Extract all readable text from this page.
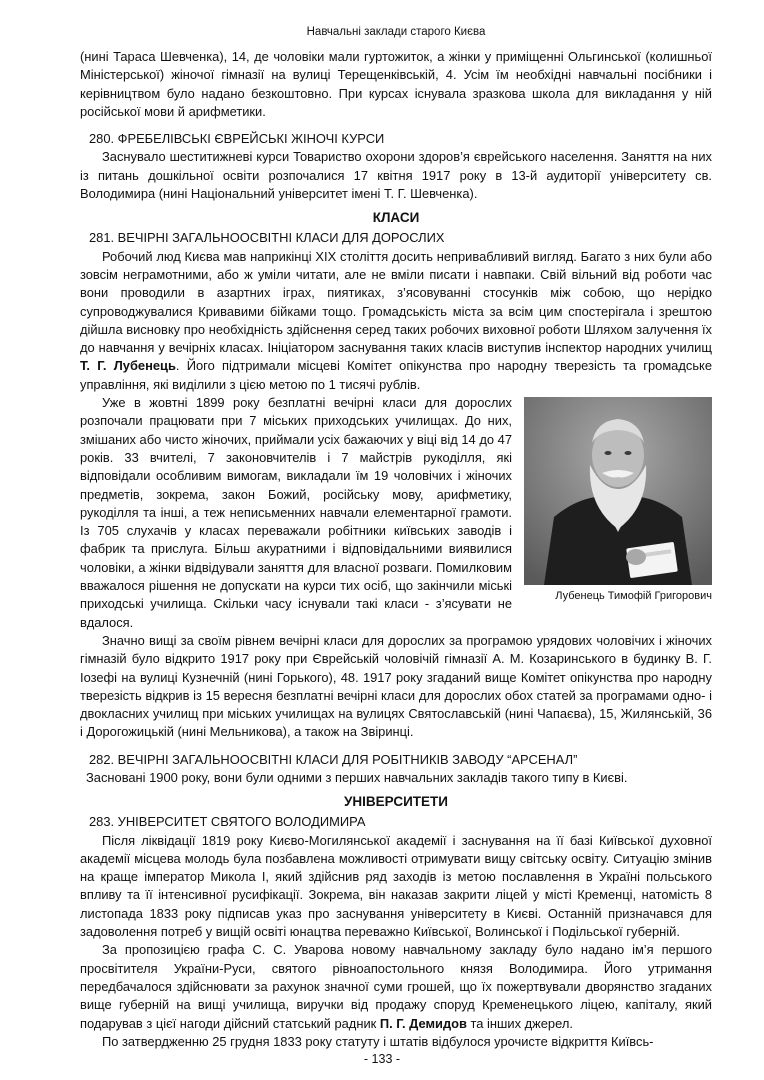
Навчальні заклади старого Києва

(нині Тараса Шевченка), 14, де чоловіки мали гуртожиток, а жінки у приміщенні Ольгинської (колишньої Міністерської) жіночої гімназії на вулиці Терещенківській, 4. Усім їм необхідні навчальні посібники і керівництвом було надано безкоштовно. При курсах існувала зразкова школа для викладання у ній російської мови й арифметики.

280. ФРЕБЕЛІВСЬКІ ЄВРЕЙСЬКІ ЖІНОЧІ КУРСИ

Заснувало шеститижневі курси Товариство охорони здоров’я єврейського населення. Заняття на них із питань дошкільної освіти розпочалися 17 квітня 1917 року в 13-й аудиторії університету св. Володимира (нині Національний університет імені Т. Г. Шевченка).

КЛАСИ
281. ВЕЧІРНІ ЗАГАЛЬНООСВІТНІ КЛАСИ ДЛЯ ДОРОСЛИХ

Робочий люд Києва мав наприкінці XIX століття досить непривабливий вигляд. Багато з них були або зовсім неграмотними, або ж уміли читати, але не вміли писати і навпаки. Свій вільний від роботи час вони проводили в азартних іграх, пиятиках, з’ясовуванні стосунків між собою, що нерідко супроводжувалися Кривавими бійками тощо. Громадськість міста за всім цим спостерігала і зрештою дійшла висновку про необхідність здійснення серед таких робочих виховної роботи Шляхом залучення їх до навчання у вечірніх класах. Ініціатором заснування таких класів виступив інспектор народних училищ Т. Г. Лубенець. Його підтримали місцеві Комітет опікунства про народну тверезість та громадське управління, які виділили з цією метою по 1 тисячі рублів.

Лубенець Тимофій Григорович

Уже в жовтні 1899 року безплатні вечірні класи для дорослих розпочали працювати при 7 міських приходських училищах. До них, змішаних або чисто жіночих, приймали усіх бажаючих у віці від 14 до 47 років. 33 вчителі, 7 законовчителів і 7 майстрів рукоділля, які відповідали особливим вимогам, викладали їм 19 чоловічих і жіночих предметів, зокрема, закон Божий, російську мову, арифметику, рукоділля та інші, а теж неписьменних навчали елементарної грамоти. Із 705 слухачів у класах переважали робітники київських заводів і фабрик та прислуга. Більш акуратними і відповідальними виявилися чоловіки, а жінки відвідували заняття для власної розваги. Помилковим вважалося рішення не допускати на курси тих осіб, що закінчили міські приходські училища. Скільки часу існували такі класи - з’ясувати не вдалося.

Значно вищі за своїм рівнем вечірні класи для дорослих за програмою урядових чоловічих і жіночих гімназій було відкрито 1917 року при Єврейській чоловічій гімназії А. М. Козаринського в будинку В. Г. Іозефі на вулиці Кузнечній (нині Горького), 48. 1917 року згаданий вище Комітет опікунства про народну тверезість відкрив із 15 вересня безплатні вечірні класи для дорослих обох статей за програмами одно- і двокласних училищ при міських училищах на вулицях Святославській (нині Чапаєва), 15, Жилянській, 36 і Дорогожицькій (нині Мельникова), а також на Звіринці.

282. ВЕЧІРНІ ЗАГАЛЬНООСВІТНІ КЛАСИ ДЛЯ РОБІТНИКІВ ЗАВОДУ “АРСЕНАЛ”

Засновані 1900 року, вони були одними з перших навчальних закладів такого типу в Києві.

УНІВЕРСИТЕТИ
283. УНІВЕРСИТЕТ СВЯТОГО ВОЛОДИМИРА

Після ліквідації 1819 року Києво-Могилянської академії і заснування на її базі Київської духовної академії місцева молодь була позбавлена можливості отримувати вищу світську освіту. Ситуацію змінив на краще імператор Микола I, який здійснив ряд заходів із метою пославлення в Україні польського впливу та її інтенсивної русифікації. Зокрема, він наказав закрити ліцей у місті Кременці, натомість 8 листопада 1833 року підписав указ про заснування університету в Києві. Останній призначався для задоволення потреб у вищій освіті юнацтва переважно Київської, Волинської і Подільської губерній.

За пропозицією графа С. С. Уварова новому навчальному закладу було надано ім’я першого просвітителя України-Руси, святого рівноапостольного князя Володимира. Його утримання передбачалося здійснювати за рахунок значної суми грошей, що їх пожертвували дворянство згаданих вище губерній на вищі училища, виручки від продажу споруд Кременецького ліцею, капіталу, який подарував з цієї нагоди дійсний статський радник П. Г. Демидов та інших джерел.

По затвердженню 25 грудня 1833 року статуту і штатів відбулося урочисте відкриття Київсь-

- 133 -
